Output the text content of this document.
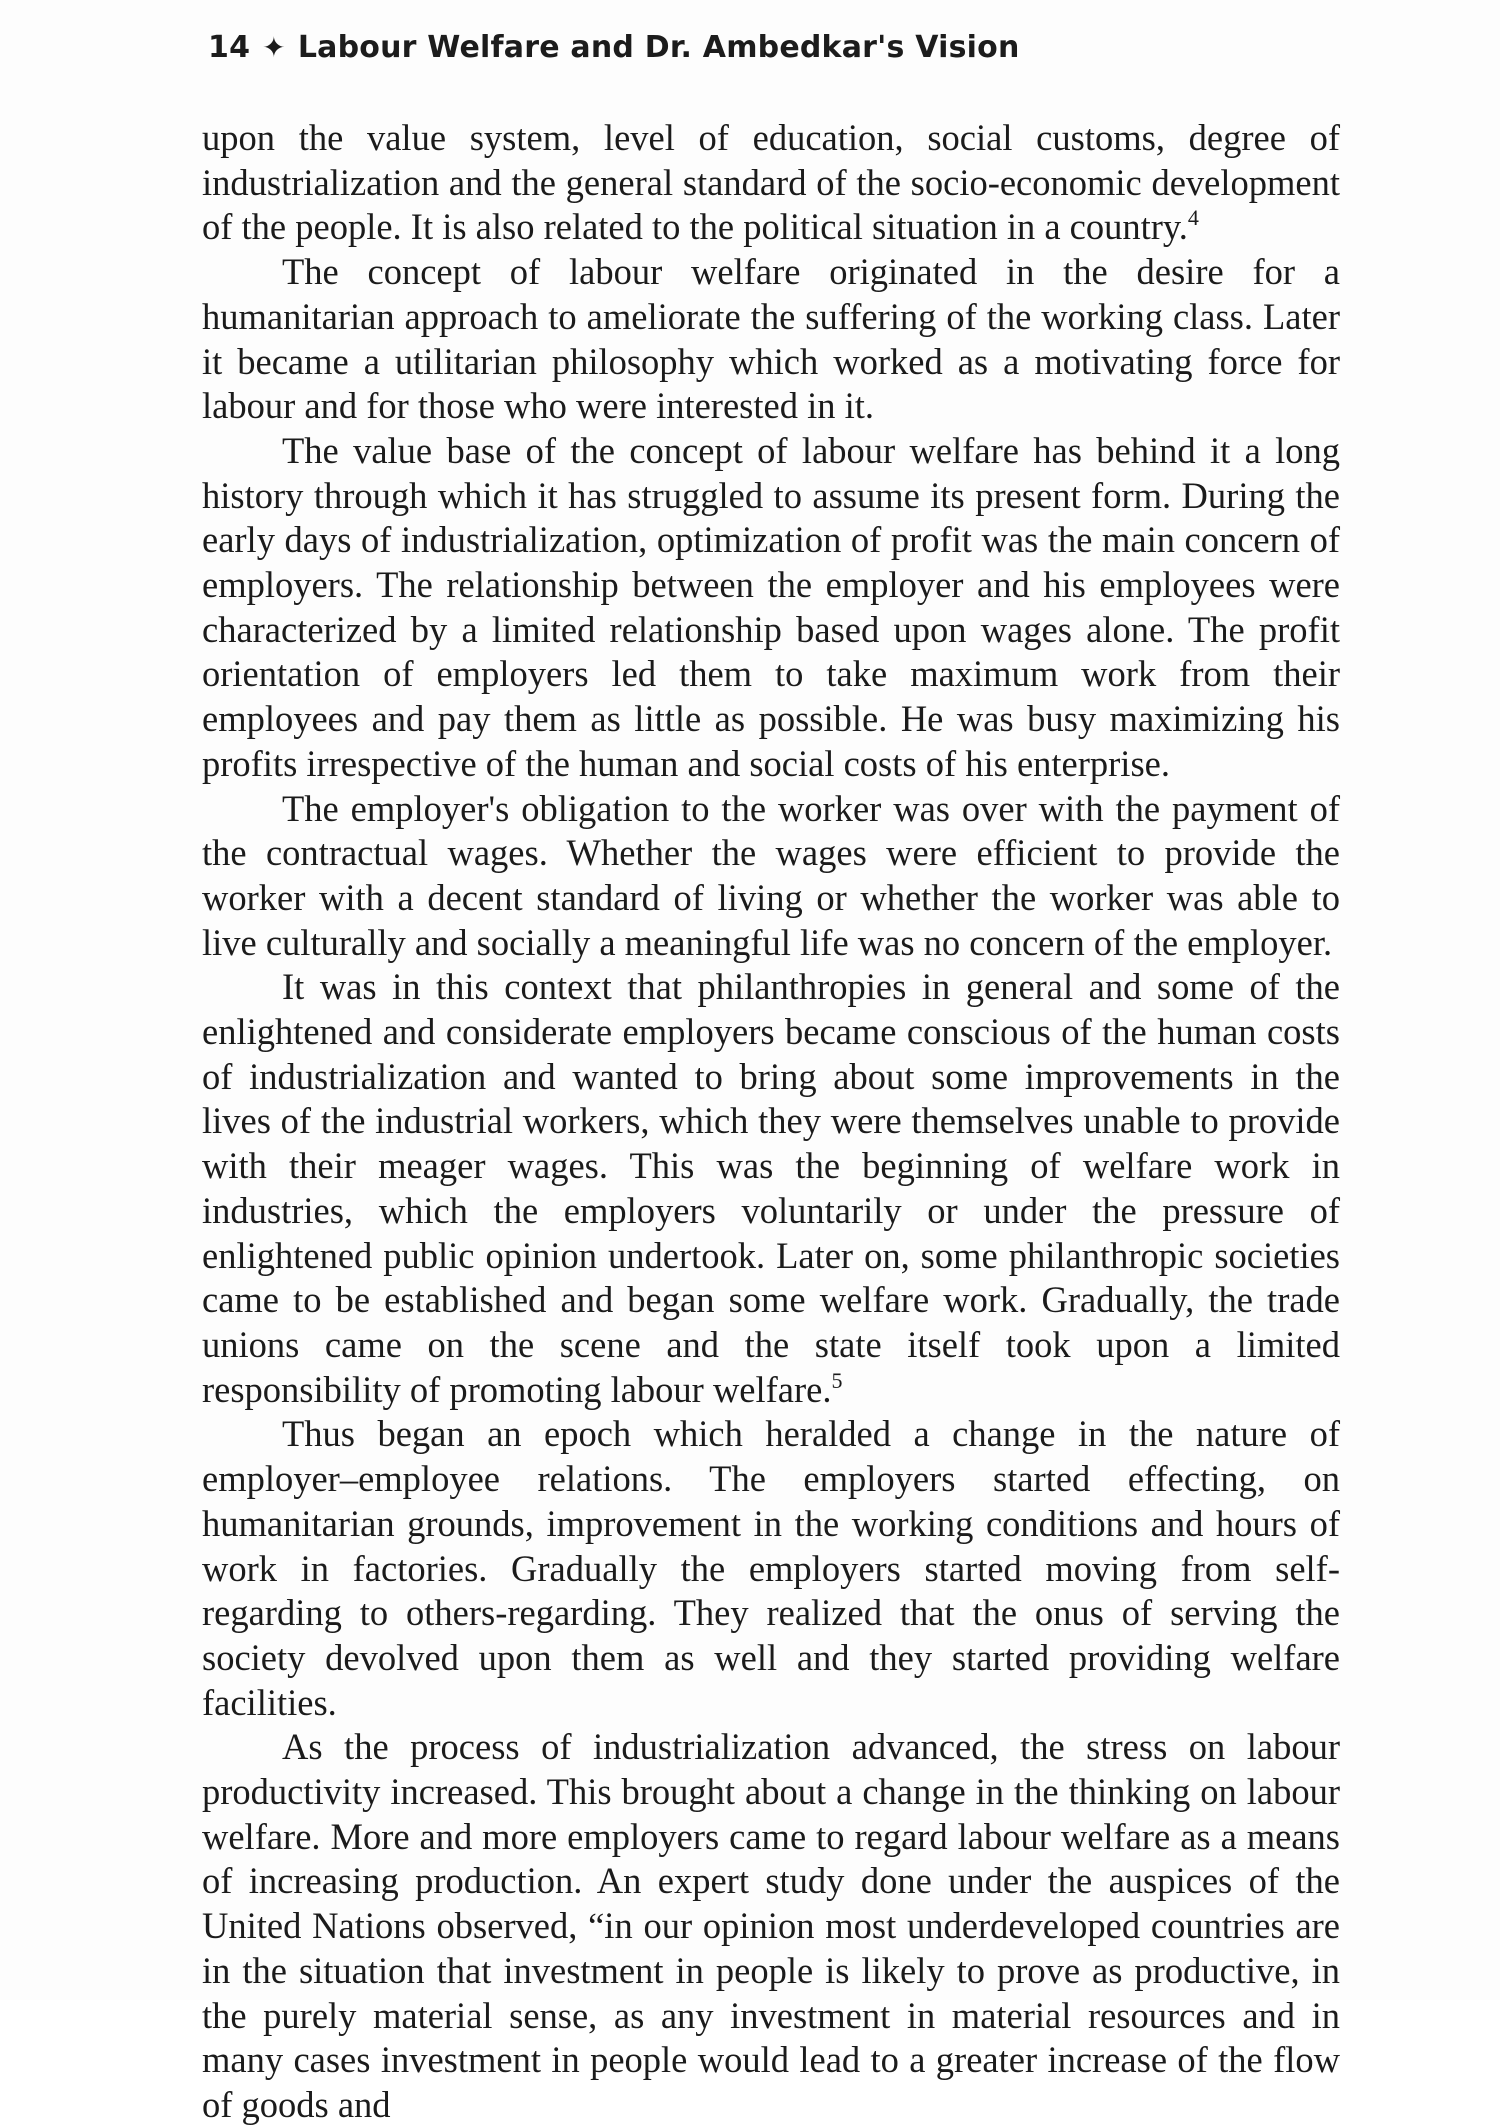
14 ✦ Labour Welfare and Dr. Ambedkar's Vision

upon the value system, level of education, social customs, degree of industrialization and the general standard of the socio-economic development of the people. It is also related to the political situation in a country.$^4$

The concept of labour welfare originated in the desire for a humanitarian approach to ameliorate the suffering of the working class. Later it became a utilitarian philosophy which worked as a motivating force for labour and for those who were interested in it.

The value base of the concept of labour welfare has behind it a long history through which it has struggled to assume its present form. During the early days of industrialization, optimization of profit was the main concern of employers. The relationship between the employer and his employees were characterized by a limited relationship based upon wages alone. The profit orientation of employers led them to take maximum work from their employees and pay them as little as possible. He was busy maximizing his profits irrespective of the human and social costs of his enterprise.

The employer's obligation to the worker was over with the payment of the contractual wages. Whether the wages were efficient to provide the worker with a decent standard of living or whether the worker was able to live culturally and socially a meaningful life was no concern of the employer.

It was in this context that philanthropies in general and some of the enlightened and considerate employers became conscious of the human costs of industrialization and wanted to bring about some improvements in the lives of the industrial workers, which they were themselves unable to provide with their meager wages. This was the beginning of welfare work in industries, which the employers voluntarily or under the pressure of enlightened public opinion undertook. Later on, some philanthropic societies came to be established and began some welfare work. Gradually, the trade unions came on the scene and the state itself took upon a limited responsibility of promoting labour welfare.$^5$

Thus began an epoch which heralded a change in the nature of employer–employee relations. The employers started effecting, on humanitarian grounds, improvement in the working conditions and hours of work in factories. Gradually the employers started moving from self-regarding to others-regarding. They realized that the onus of serving the society devolved upon them as well and they started providing welfare facilities.

As the process of industrialization advanced, the stress on labour productivity increased. This brought about a change in the thinking on labour welfare. More and more employers came to regard labour welfare as a means of increasing production. An expert study done under the auspices of the United Nations observed, “in our opinion most underdeveloped countries are in the situation that investment in people is likely to prove as productive, in the purely material sense, as any investment in material resources and in many cases investment in people would lead to a greater increase of the flow of goods and
